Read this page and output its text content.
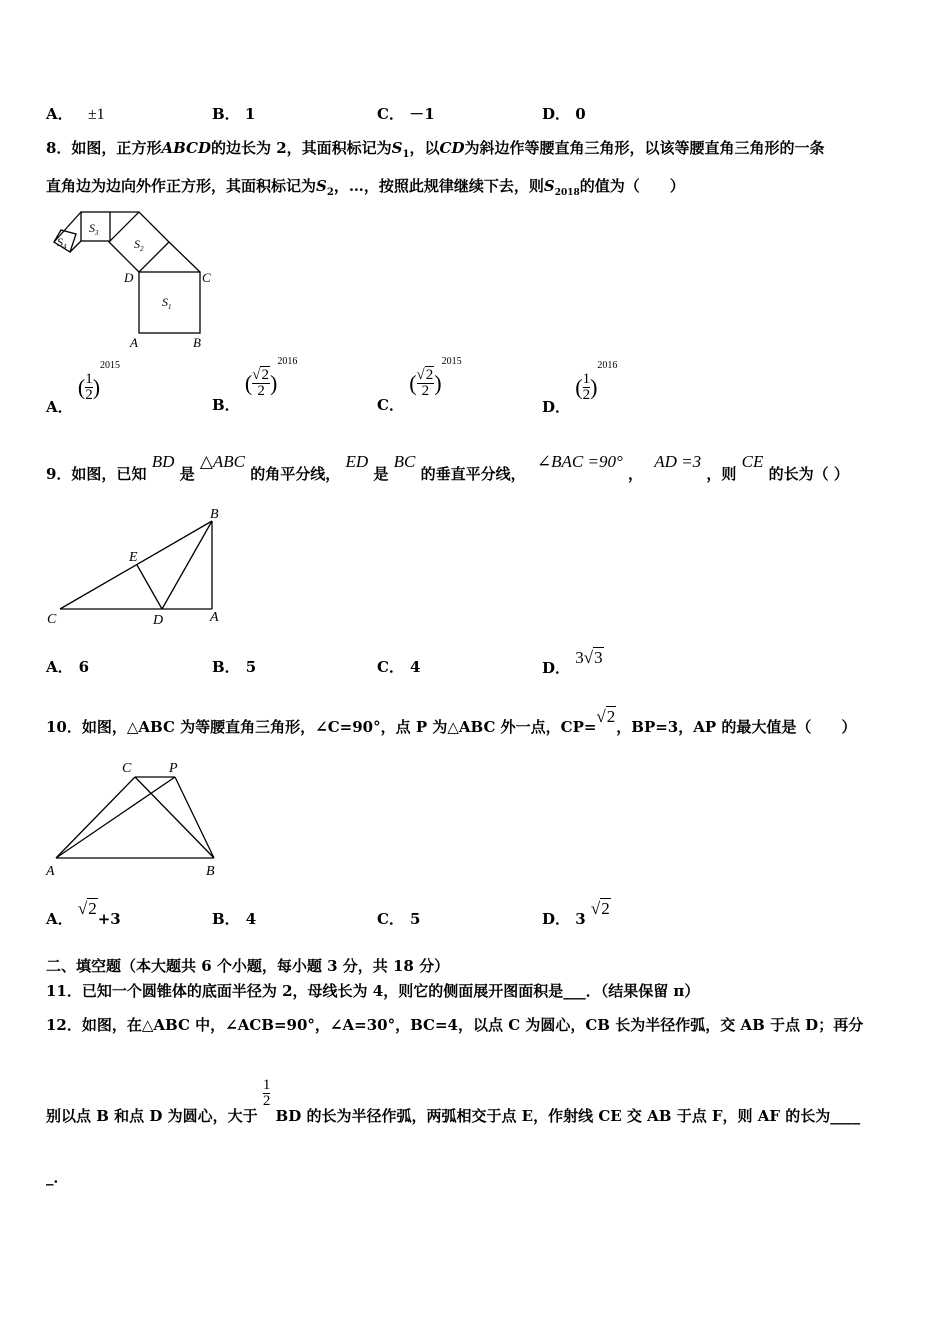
A． ±1	B． 1	C． －1	D． 0
8．如图，正方形ABCD的边长为 2，其面积标记为$S_1$，以CD为斜边作等腰直角三角形，以该等腰直角三角形的一条
直角边为边向外作正方形，其面积标记为$S_2$，…，按照此规律继续下去，则$S_{2018}$的值为（　　）
$S_4$
$S_3$
$S_2$
$S_1$
D	C
A	B
A． ( $\frac{1}{2} )^{2015}$
B． ( $\frac{√2}{2} )^{2016}$
C． ( $\frac{√2}{2} )^{2015}$
D． ( $\frac{1}{2} )^{2016}$
9．如图，已知 BD 是 △ABC 的角平分线， ED 是 BC 的垂直平分线， ∠BAC =90° ， AD =3 ，则 CE 的长为（ ）
B
E
C	D	A
A． 6	B． 5	C． 4	D． 3√3
10．如图，△ABC 为等腰直角三角形，∠C=90°，点 P 为△ABC 外一点，CP=√2，BP=3，AP 的最大值是（　　）
C	P
A	B
A． √2+3	B． 4	C． 5	D． 3 √2
二、填空题（本大题共 6 个小题，每小题 3 分，共 18 分）
11．已知一个圆锥体的底面半径为 2，母线长为 4，则它的侧面展开图面积是___．（结果保留 π）
12．如图，在△ABC 中，∠ACB=90°，∠A=30°，BC=4，以点 C 为圆心，CB 长为半径作弧，交 AB 于点 D；再分
别以点 B 和点 D 为圆心，大于
$\frac{1}{2}$
BD 的长为半径作弧，两弧相交于点 E，作射线 CE 交 AB 于点 F，则 AF 的长为____
_．
